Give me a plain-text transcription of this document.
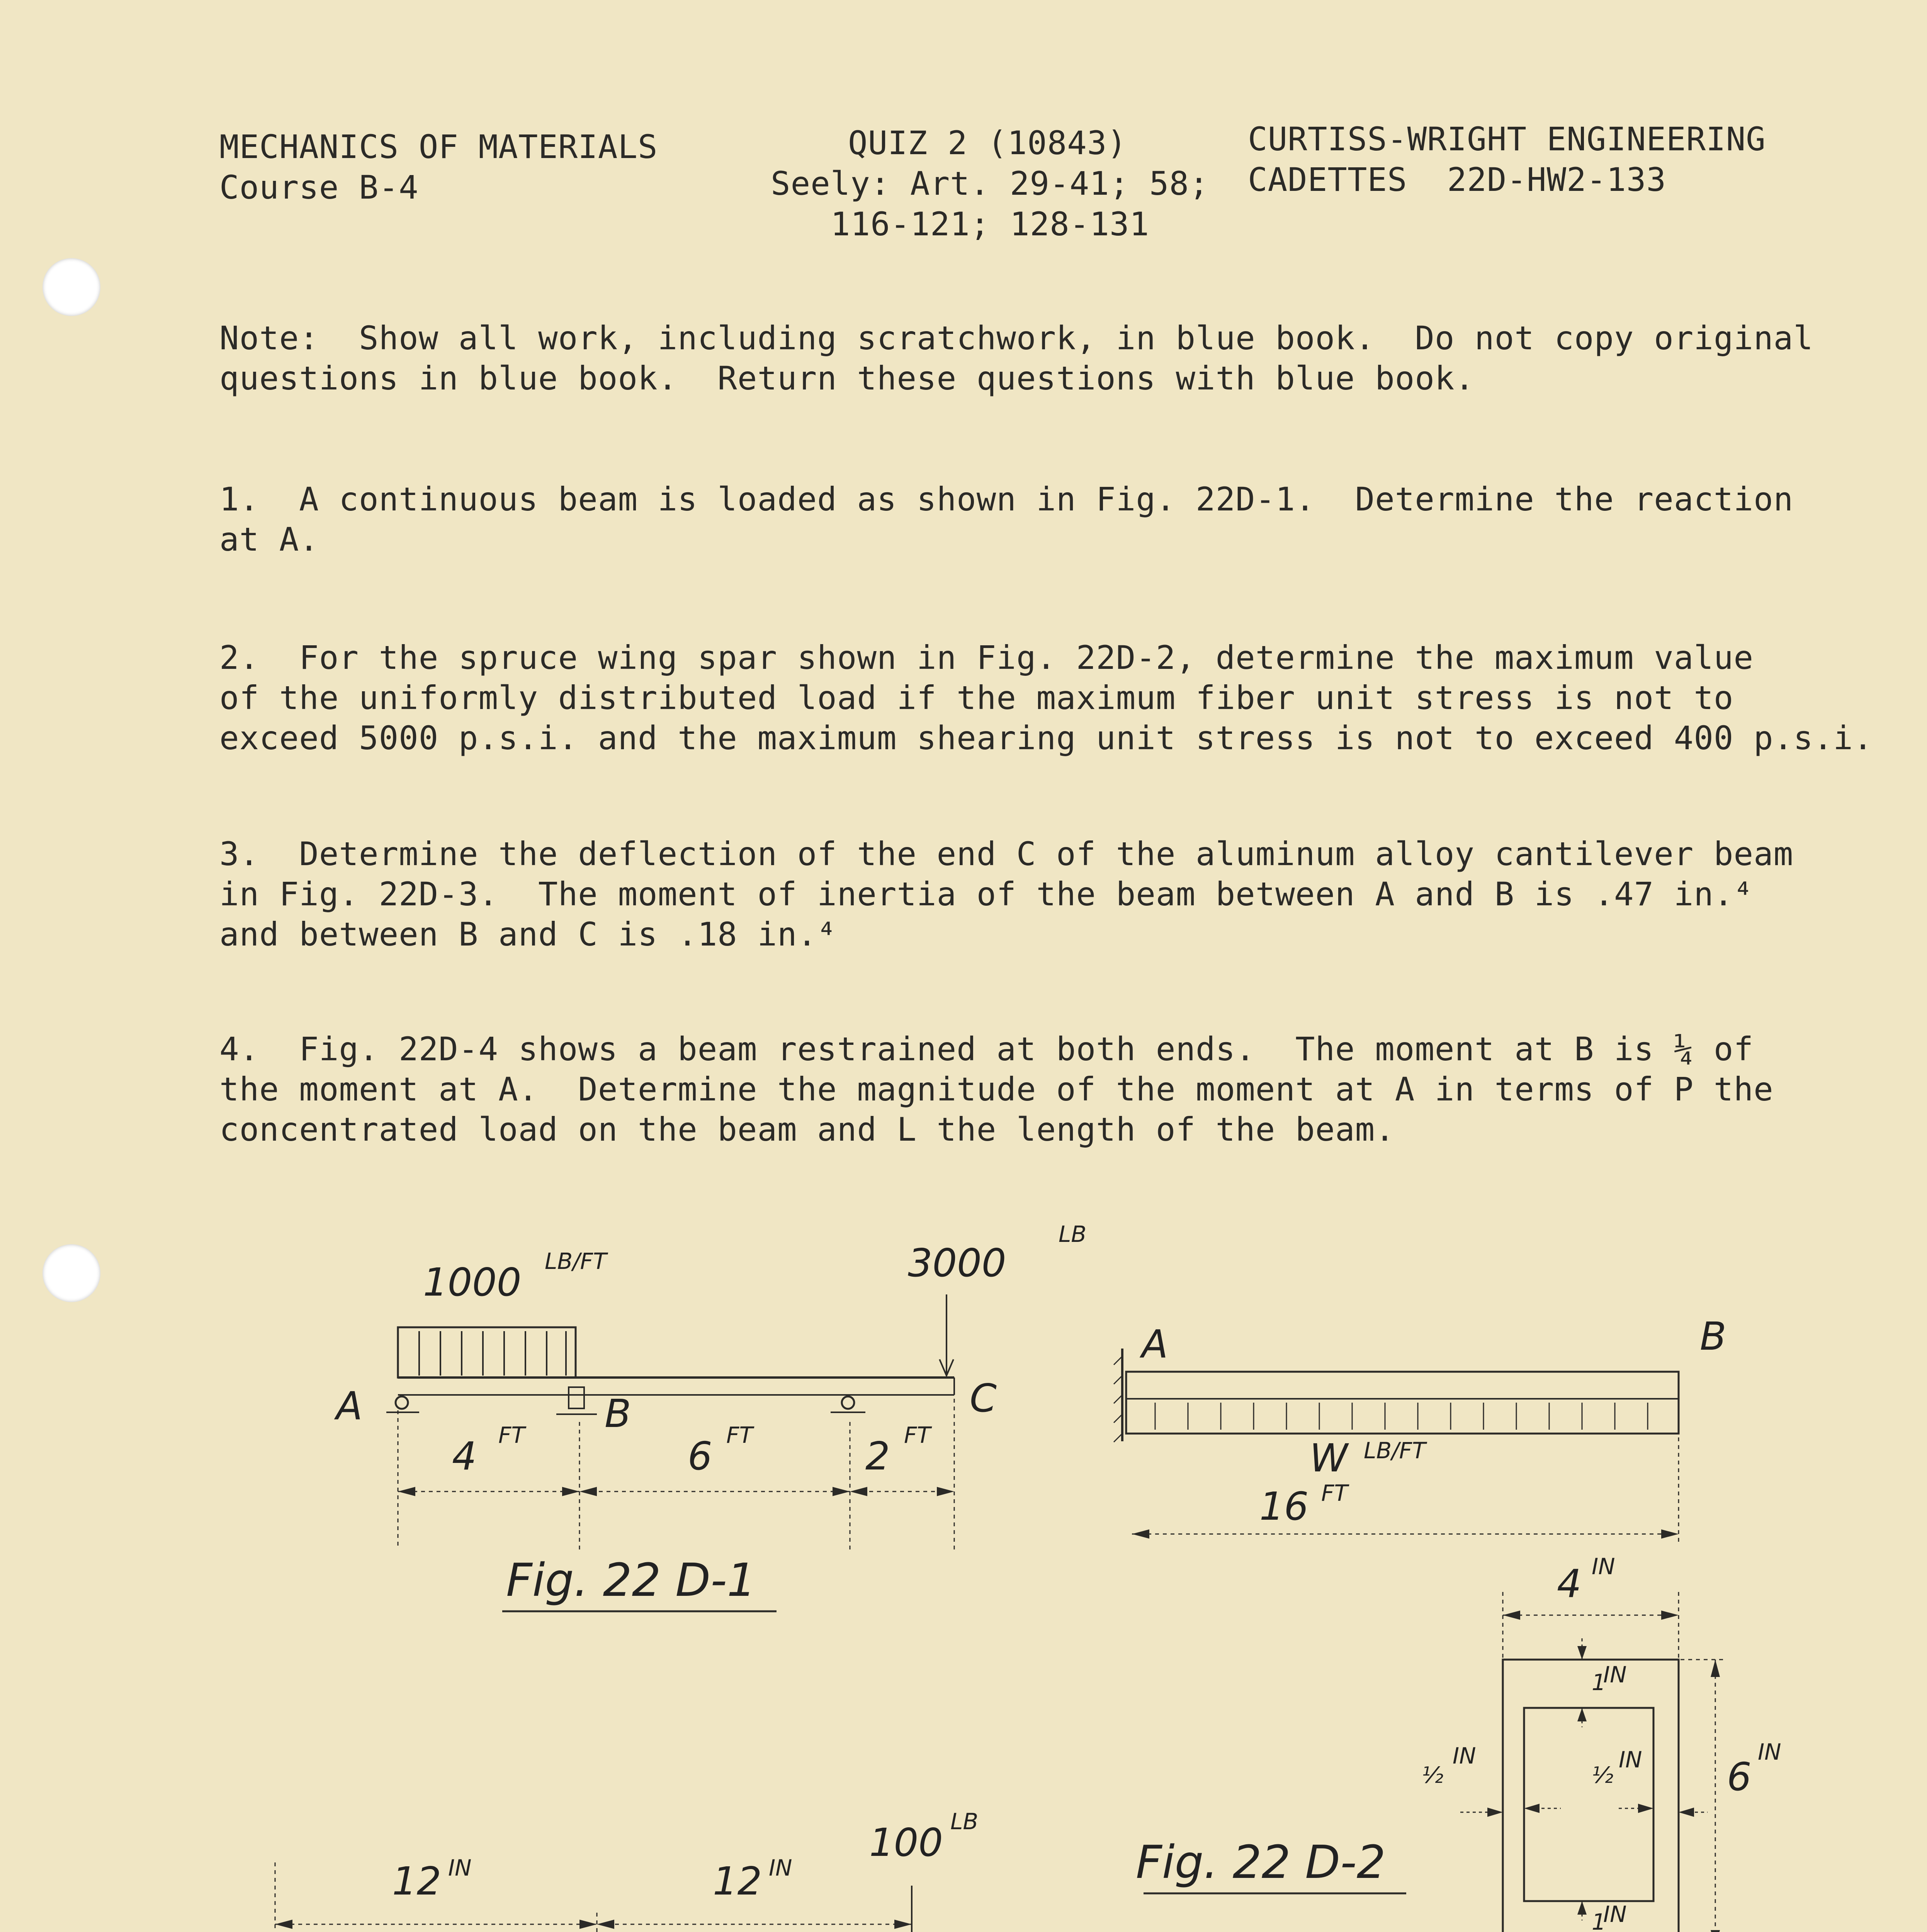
MECHANICS OF MATERIALS
Course B-4
QUIZ 2 (10843)
Seely: Art. 29-41; 58;
116-121; 128-131
CURTISS-WRIGHT ENGINEERING
CADETTES  22D-HW2-133
Note:  Show all work, including scratchwork, in blue book.  Do not copy original
questions in blue book.  Return these questions with blue book.
1.  A continuous beam is loaded as shown in Fig. 22D-1.  Determine the reaction
at A.
2.  For the spruce wing spar shown in Fig. 22D-2, determine the maximum value
of the uniformly distributed load if the maximum fiber unit stress is not to
exceed 5000 p.s.i. and the maximum shearing unit stress is not to exceed 400 p.s.i.
3.  Determine the deflection of the end C of the aluminum alloy cantilever beam
in Fig. 22D-3.  The moment of inertia of the beam between A and B is .47 in.⁴
and between B and C is .18 in.⁴
4.  Fig. 22D-4 shows a beam restrained at both ends.  The moment at B is ¼ of
the moment at A.  Determine the magnitude of the moment at A in terms of P the
concentrated load on the beam and L the length of the beam.
1000 LB/FT	3000
LB
A	B	C
4 FT	6 FT	2 FT
Fig. 22 D-1
A	B
W LB/FT
16 FT
4 IN
6
IN
1
IN
1
IN
½
IN
½
IN
Fig. 22 D-2
12 IN	12 IN
100 LB
